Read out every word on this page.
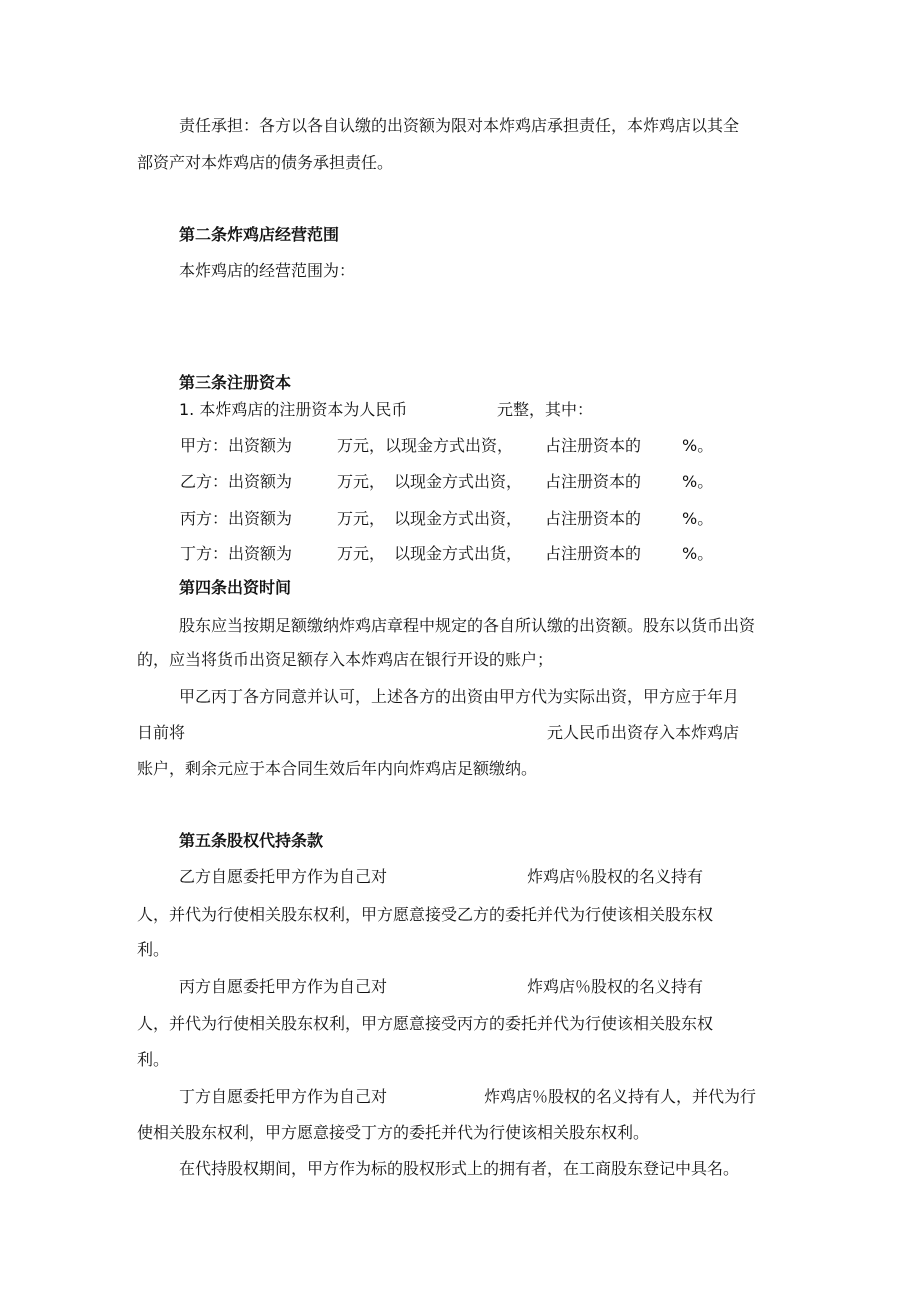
责任承担：各方以各自认缴的出资额为限对本炸鸡店承担责任，本炸鸡店以其全
部资产对本炸鸡店的债务承担责任。
第二条炸鸡店经营范围
本炸鸡店的经营范围为：
第三条注册资本
1. 本炸鸡店的注册资本为人民币	元整，其中：
甲方：出资额为	万元，以现金方式出资， 占注册资本的	%。
乙方：出资额为	万元， 以现金方式出资， 占注册资本的	%。
丙方：出资额为	万元， 以现金方式出资， 占注册资本的	%。
丁方：出资额为	万元， 以现金方式出货， 占注册资本的	%。
第四条出资时间
股东应当按期足额缴纳炸鸡店章程中规定的各自所认缴的出资额。股东以货币出资的，应当将货币出资足额存入本炸鸡店在银行开设的账户；
甲乙丙丁各方同意并认可，上述各方的出资由甲方代为实际出资，甲方应于年月
日前将	元人民币出资存入本炸鸡店
账户，剩余元应于本合同生效后年内向炸鸡店足额缴纳。
第五条股权代持条款
乙方自愿委托甲方作为自己对	炸鸡店％股权的名义持有
人，并代为行使相关股东权利，甲方愿意接受乙方的委托并代为行使该相关股东权
利。
丙方自愿委托甲方作为自己对	炸鸡店％股权的名义持有
人，并代为行使相关股东权利，甲方愿意接受丙方的委托并代为行使该相关股东权
利。
丁方自愿委托甲方作为自己对	炸鸡店％股权的名义持有人，并代为行
使相关股东权利，甲方愿意接受丁方的委托并代为行使该相关股东权利。
在代持股权期间，甲方作为标的股权形式上的拥有者，在工商股东登记中具名。
